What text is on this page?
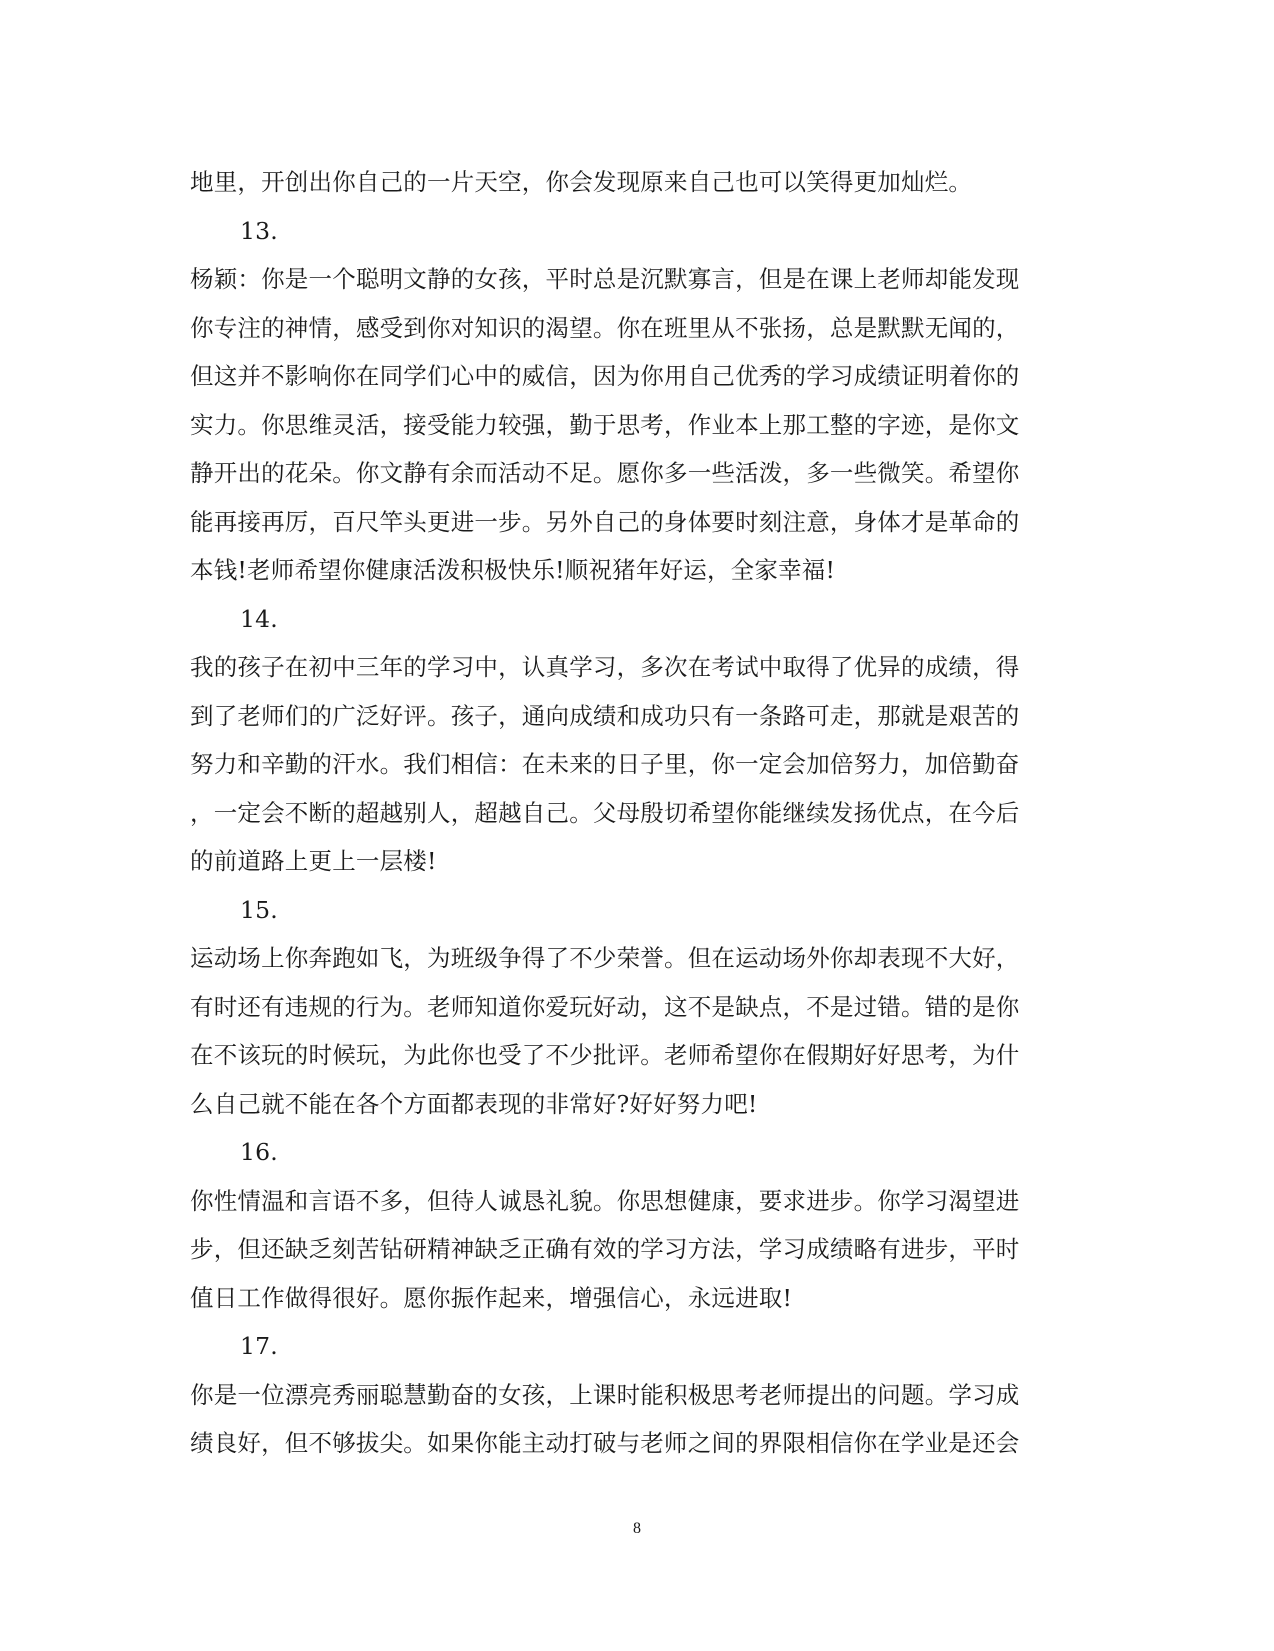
地里，开创出你自己的一片天空，你会发现原来自己也可以笑得更加灿烂。
13.
杨颖：你是一个聪明文静的女孩，平时总是沉默寡言，但是在课上老师却能发现
你专注的神情，感受到你对知识的渴望。你在班里从不张扬，总是默默无闻的，
但这并不影响你在同学们心中的威信，因为你用自己优秀的学习成绩证明着你的
实力。你思维灵活，接受能力较强，勤于思考，作业本上那工整的字迹，是你文
静开出的花朵。你文静有余而活动不足。愿你多一些活泼，多一些微笑。希望你
能再接再厉，百尺竿头更进一步。另外自己的身体要时刻注意，身体才是革命的
本钱!老师希望你健康活泼积极快乐!顺祝猪年好运，全家幸福!
14.
我的孩子在初中三年的学习中，认真学习，多次在考试中取得了优异的成绩，得
到了老师们的广泛好评。孩子，通向成绩和成功只有一条路可走，那就是艰苦的
努力和辛勤的汗水。我们相信：在未来的日子里，你一定会加倍努力，加倍勤奋
，一定会不断的超越别人，超越自己。父母殷切希望你能继续发扬优点，在今后
的前道路上更上一层楼!
15.
运动场上你奔跑如飞，为班级争得了不少荣誉。但在运动场外你却表现不大好，
有时还有违规的行为。老师知道你爱玩好动，这不是缺点，不是过错。错的是你
在不该玩的时候玩，为此你也受了不少批评。老师希望你在假期好好思考，为什
么自己就不能在各个方面都表现的非常好?好好努力吧!
16.
你性情温和言语不多，但待人诚恳礼貌。你思想健康，要求进步。你学习渴望进
步，但还缺乏刻苦钻研精神缺乏正确有效的学习方法，学习成绩略有进步，平时
值日工作做得很好。愿你振作起来，增强信心，永远进取!
17.
你是一位漂亮秀丽聪慧勤奋的女孩，上课时能积极思考老师提出的问题。学习成
绩良好，但不够拔尖。如果你能主动打破与老师之间的界限相信你在学业是还会
8
